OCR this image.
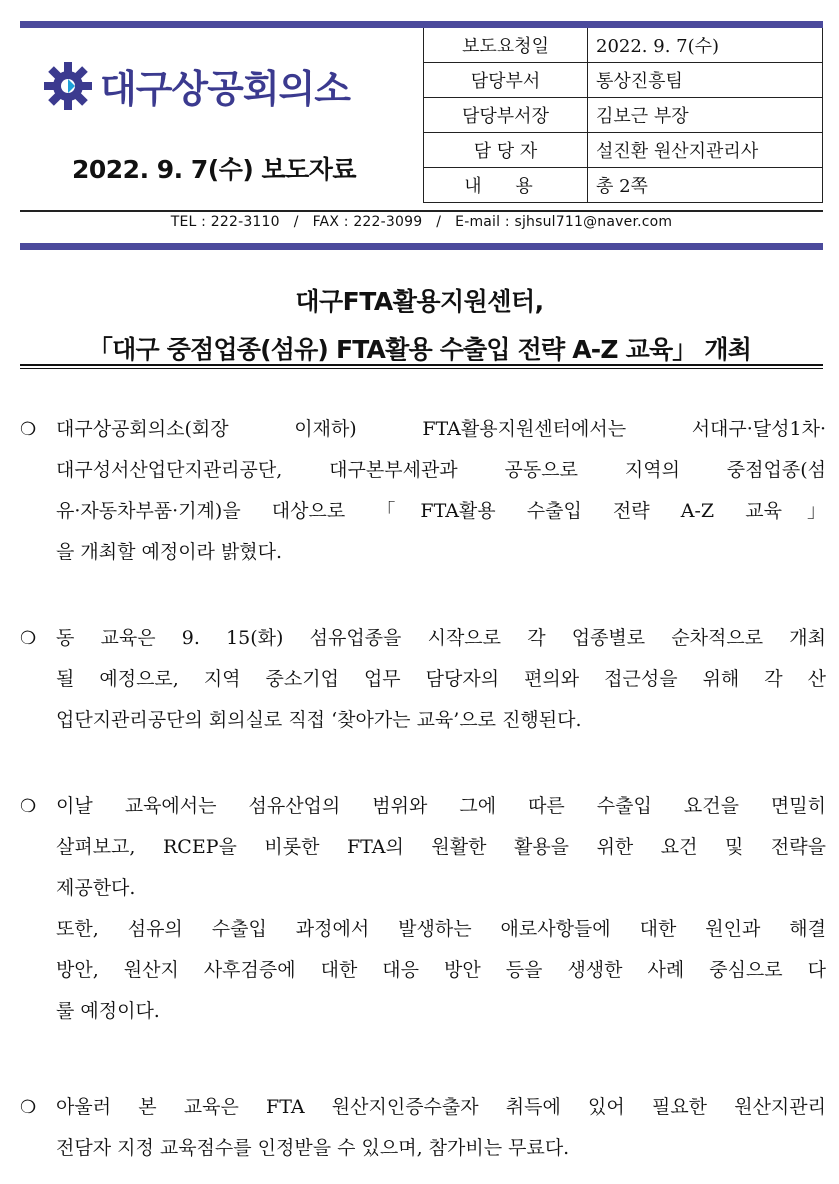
대구상공회의소
2022. 9. 7(수) 보도자료
보도요청일	2022. 9. 7(수)
담당부서	통상진흥팀
담당부서장	김보근 부장
담 당 자	설진환 원산지관리사
내 용	총 2쪽
TEL : 222-3110   /   FAX : 222-3099   /   E-mail : sjhsul711@naver.com
대구FTA활용지원센터,
「대구 중점업종(섬유) FTA활용 수출입 전략 A-Z 교육」 개최
❍	대구상공회의소(회장 이재하) FTA활용지원센터에서는 서대구·달성1차·
대구성서산업단지관리공단, 대구본부세관과 공동으로 지역의 중점업종(섬
유·자동차부품·기계)을 대상으로 「FTA활용 수출입 전략 A-Z 교육」
을 개최할 예정이라 밝혔다.
❍	동 교육은 9. 15(화) 섬유업종을 시작으로 각 업종별로 순차적으로 개최
될 예정으로, 지역 중소기업 업무 담당자의 편의와 접근성을 위해 각 산
업단지관리공단의 회의실로 직접 ‘찾아가는 교육’으로 진행된다.
❍	이날 교육에서는 섬유산업의 범위와 그에 따른 수출입 요건을 면밀히
살펴보고, RCEP을 비롯한 FTA의 원활한 활용을 위한 요건 및 전략을
제공한다.
또한, 섬유의 수출입 과정에서 발생하는 애로사항들에 대한 원인과 해결
방안, 원산지 사후검증에 대한 대응 방안 등을 생생한 사례 중심으로 다
룰 예정이다.
❍	아울러 본 교육은 FTA 원산지인증수출자 취득에 있어 필요한 원산지관리
전담자 지정 교육점수를 인정받을 수 있으며, 참가비는 무료다.
